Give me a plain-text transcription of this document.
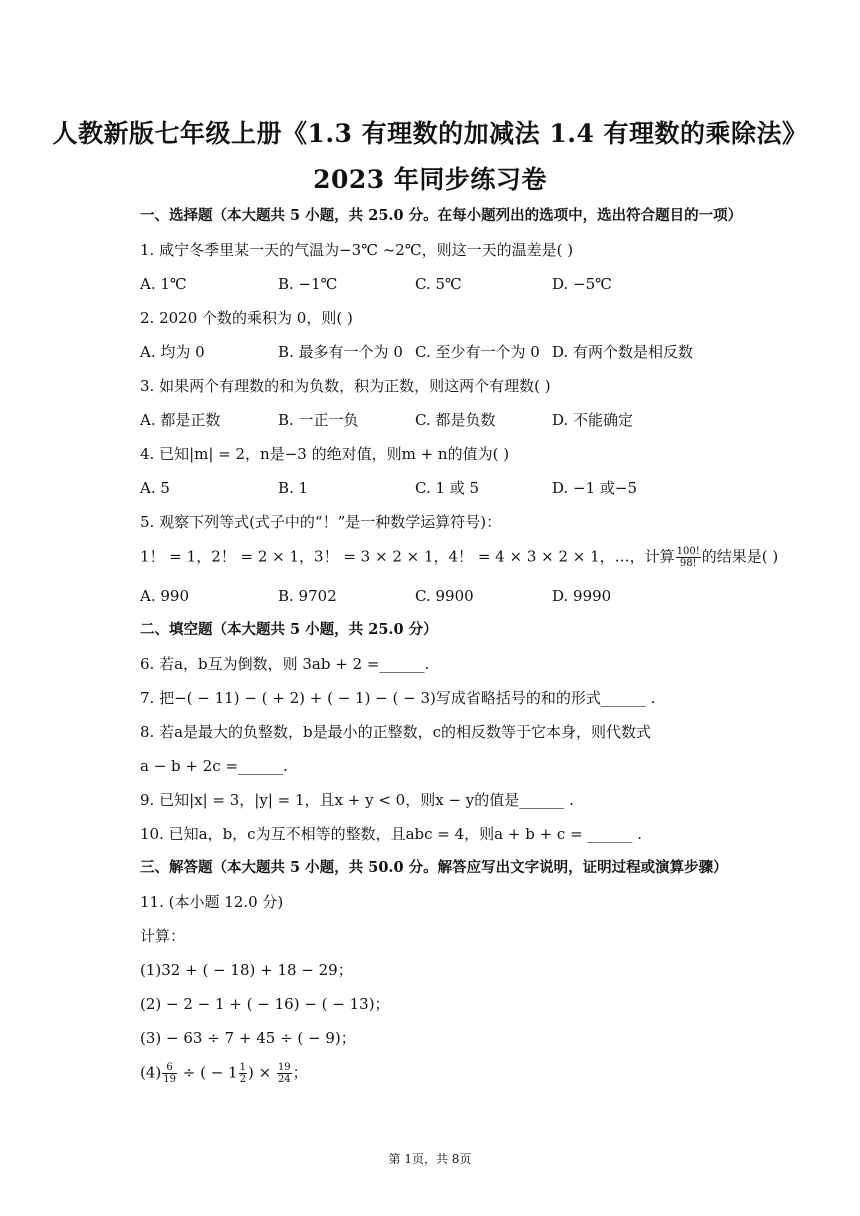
人教新版七年级上册《1.3 有理数的加减法 1.4 有理数的乘除法》
2023 年同步练习卷
一、选择题（本大题共 5 小题，共 25.0 分。在每小题列出的选项中，选出符合题目的一项）
1. 咸宁冬季里某一天的气温为−3℃ ~2℃，则这一天的温差是( )
A. 1℃	B. −1℃	C. 5℃	D. −5℃
2. 2020 个数的乘积为 0，则( )
A. 均为 0	B. 最多有一个为 0 C. 至少有一个为 0 D. 有两个数是相反数
3. 如果两个有理数的和为负数，积为正数，则这两个有理数( )
A. 都是正数	B. 一正一负	C. 都是负数	D. 不能确定
4. 已知|m| = 2，n是−3 的绝对值，则m + n的值为( )
A. 5	B. 1	C. 1 或 5	D. −1 或−5
5. 观察下列等式(式子中的“！”是一种数学运算符号)：
1！ = 1，2！ = 2 × 1，3！ = 3 × 2 × 1，4！ = 4 × 3 × 2 × 1，…，计算 $\frac{100!}{98!}$ 的结果是( )
A. 990	B. 9702	C. 9900	D. 9990
二、填空题（本大题共 5 小题，共 25.0 分）
6. 若a，b互为倒数，则 3ab + 2 =______.
7. 把−( − 11) − ( + 2) + ( − 1) − ( − 3)写成省略括号的和的形式______ .
8. 若a是最大的负整数，b是最小的正整数，c的相反数等于它本身，则代数式
a − b + 2c =______.
9. 已知|x| = 3，|y| = 1，且x + y < 0，则x − y的值是______ .
10. 已知a，b，c为互不相等的整数，且abc = 4，则a + b + c = ______ .
三、解答题（本大题共 5 小题，共 50.0 分。解答应写出文字说明，证明过程或演算步骤）
11. (本小题 12.0 分)
计算：
(1)32 + ( − 18) + 18 − 29；
(2) − 2 − 1 + ( − 16) − ( − 13)；
(3) − 63 ÷ 7 + 45 ÷ ( − 9)；
$(4) \frac{6}{19}$ ÷ ( − $1 \frac{1}{2}$ ) × $\frac{19}{24}$ ；
第 1页，共 8页
